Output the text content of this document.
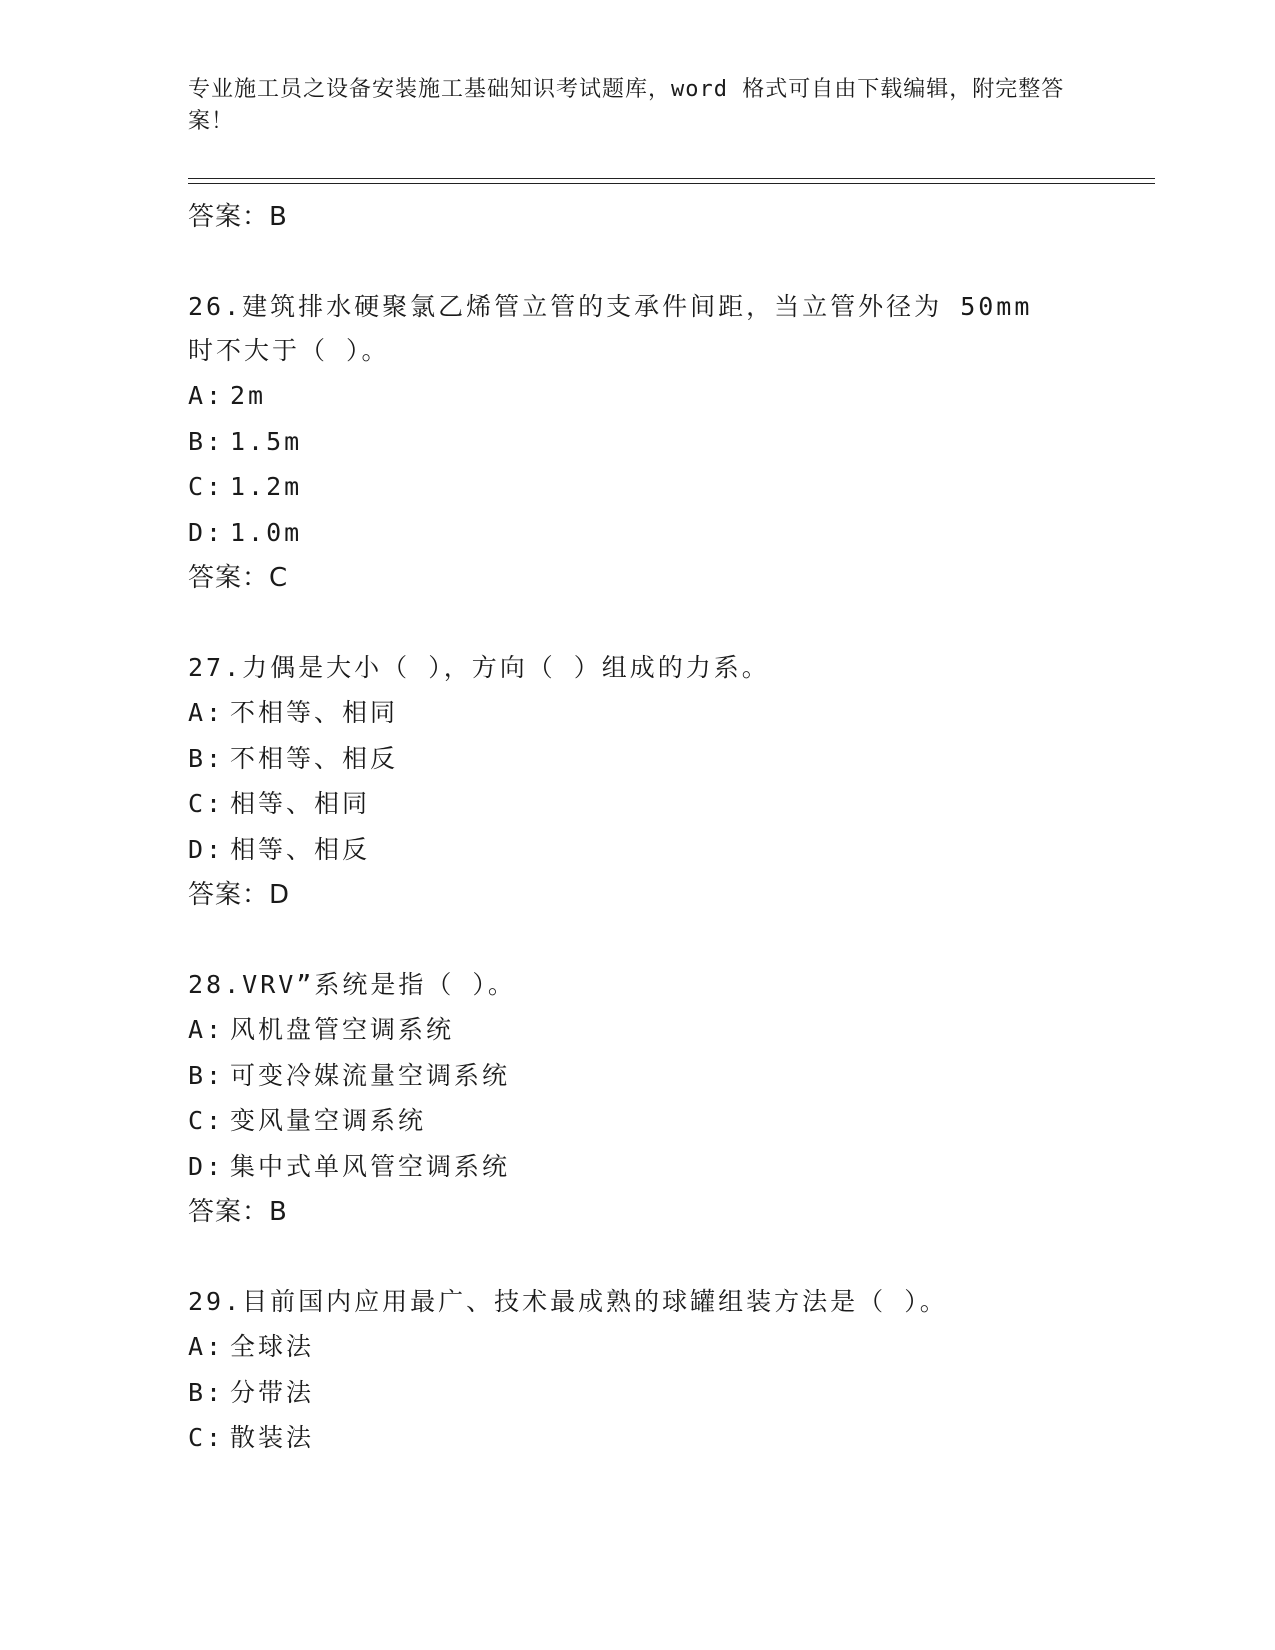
专业施工员之设备安装施工基础知识考试题库，word 格式可自由下载编辑，附完整答案！
答案：B
26.建筑排水硬聚氯乙烯管立管的支承件间距，当立管外径为 50mm 时不大于（ ）。
A: 2m
B: 1.5m
C: 1.2m
D: 1.0m
答案：C
27.力偶是大小（ ），方向（ ）组成的力系。
A: 不相等、相同
B: 不相等、相反
C: 相等、相同
D: 相等、相反
答案：D
28.VRV”系统是指（ ）。
A: 风机盘管空调系统
B: 可变冷媒流量空调系统
C: 变风量空调系统
D: 集中式单风管空调系统
答案：B
29.目前国内应用最广、技术最成熟的球罐组装方法是（ ）。
A: 全球法
B: 分带法
C: 散装法
